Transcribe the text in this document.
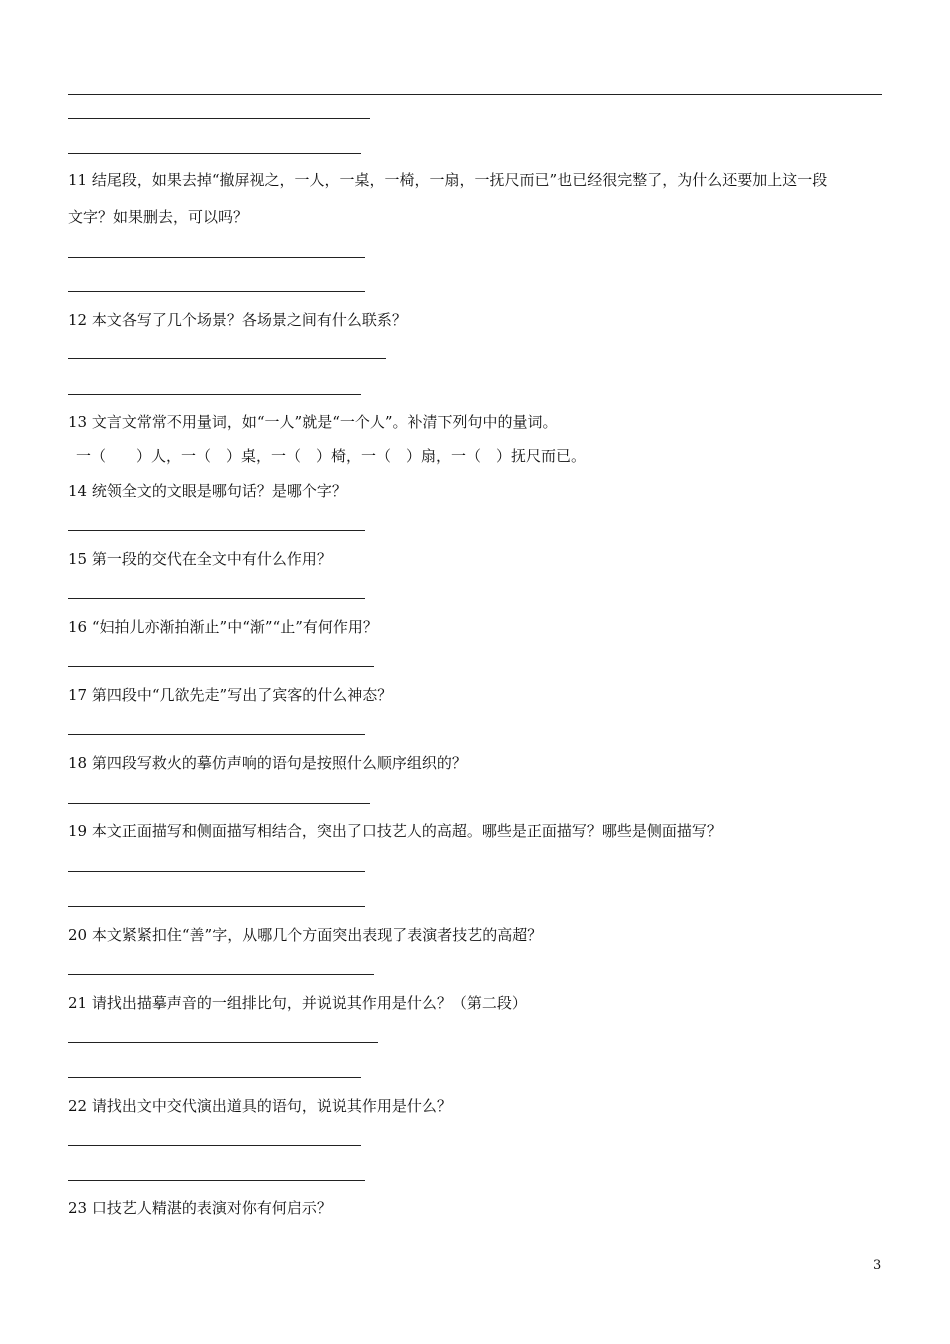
11 结尾段，如果去掉“撤屏视之，一人，一桌，一椅，一扇，一抚尺而已”也已经很完整了，为什么还要加上这一段
文字？如果删去，可以吗？
12 本文各写了几个场景？各场景之间有什么联系？
13 文言文常常不用量词，如“一人”就是“一个人”。补清下列句中的量词。
一（　　）人，一（　）桌，一（　）椅，一（　）扇，一（　）抚尺而已。
14 统领全文的文眼是哪句话？是哪个字？
15 第一段的交代在全文中有什么作用？
16 “妇拍儿亦渐拍渐止”中“渐”“止”有何作用？
17 第四段中“几欲先走”写出了宾客的什么神态？
18 第四段写救火的摹仿声响的语句是按照什么顺序组织的？
19 本文正面描写和侧面描写相结合，突出了口技艺人的高超。哪些是正面描写？哪些是侧面描写？
20 本文紧紧扣住“善”字，从哪几个方面突出表现了表演者技艺的高超？
21 请找出描摹声音的一组排比句，并说说其作用是什么？（第二段）
22 请找出文中交代演出道具的语句，说说其作用是什么？
23 口技艺人精湛的表演对你有何启示？
3
